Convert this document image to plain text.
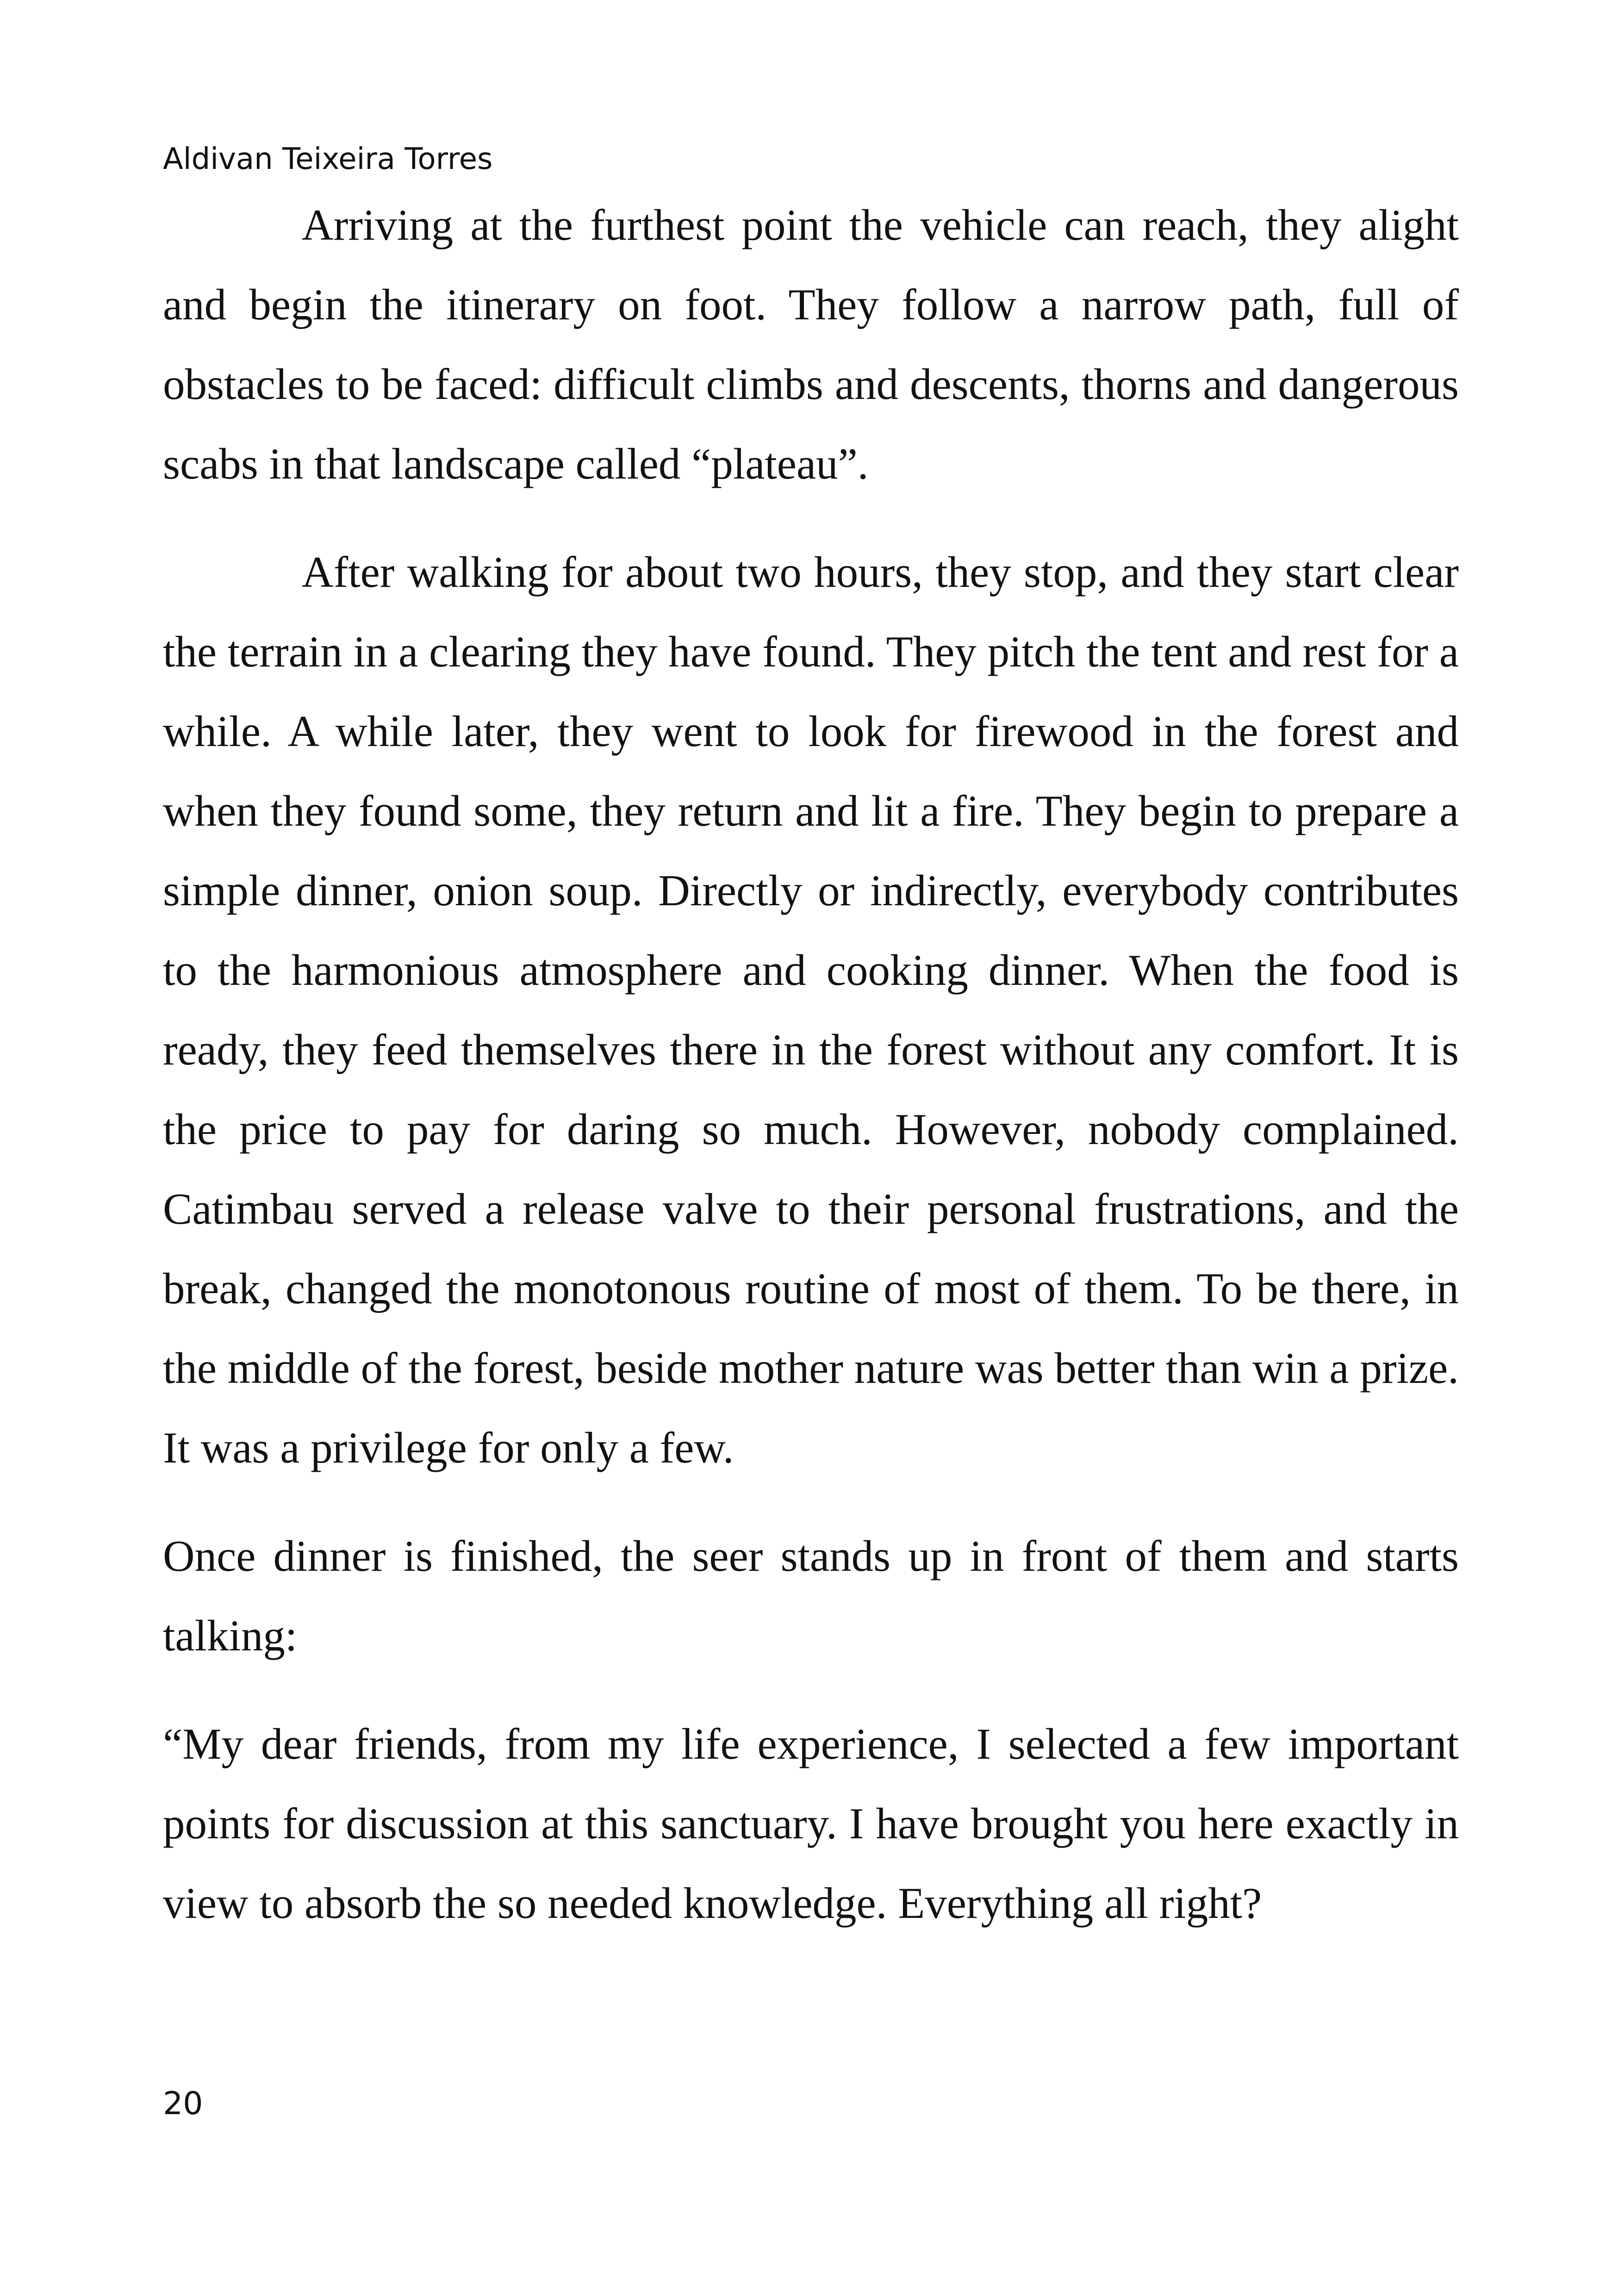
Aldivan Teixeira Torres

Arriving at the furthest point the vehicle can reach, they alight and begin the itinerary on foot. They follow a narrow path, full of obstacles to be faced: difficult climbs and descents, thorns and dangerous scabs in that landscape called “plateau”.

After walking for about two hours, they stop, and they start clear the terrain in a clearing they have found. They pitch the tent and rest for a while. A while later, they went to look for firewood in the forest and when they found some, they return and lit a fire. They begin to prepare a simple dinner, onion soup. Directly or indirectly, everybody contributes to the harmonious atmosphere and cooking dinner. When the food is ready, they feed themselves there in the forest without any comfort. It is the price to pay for daring so much. However, nobody complained. Catimbau served a release valve to their personal frustrations, and the break, changed the monotonous routine of most of them. To be there, in the middle of the forest, beside mother nature was better than win a prize. It was a privilege for only a few.

Once dinner is finished, the seer stands up in front of them and starts talking:

“My dear friends, from my life experience, I selected a few important points for discussion at this sanctuary. I have brought you here exactly in view to absorb the so needed knowledge. Everything all right?

20
